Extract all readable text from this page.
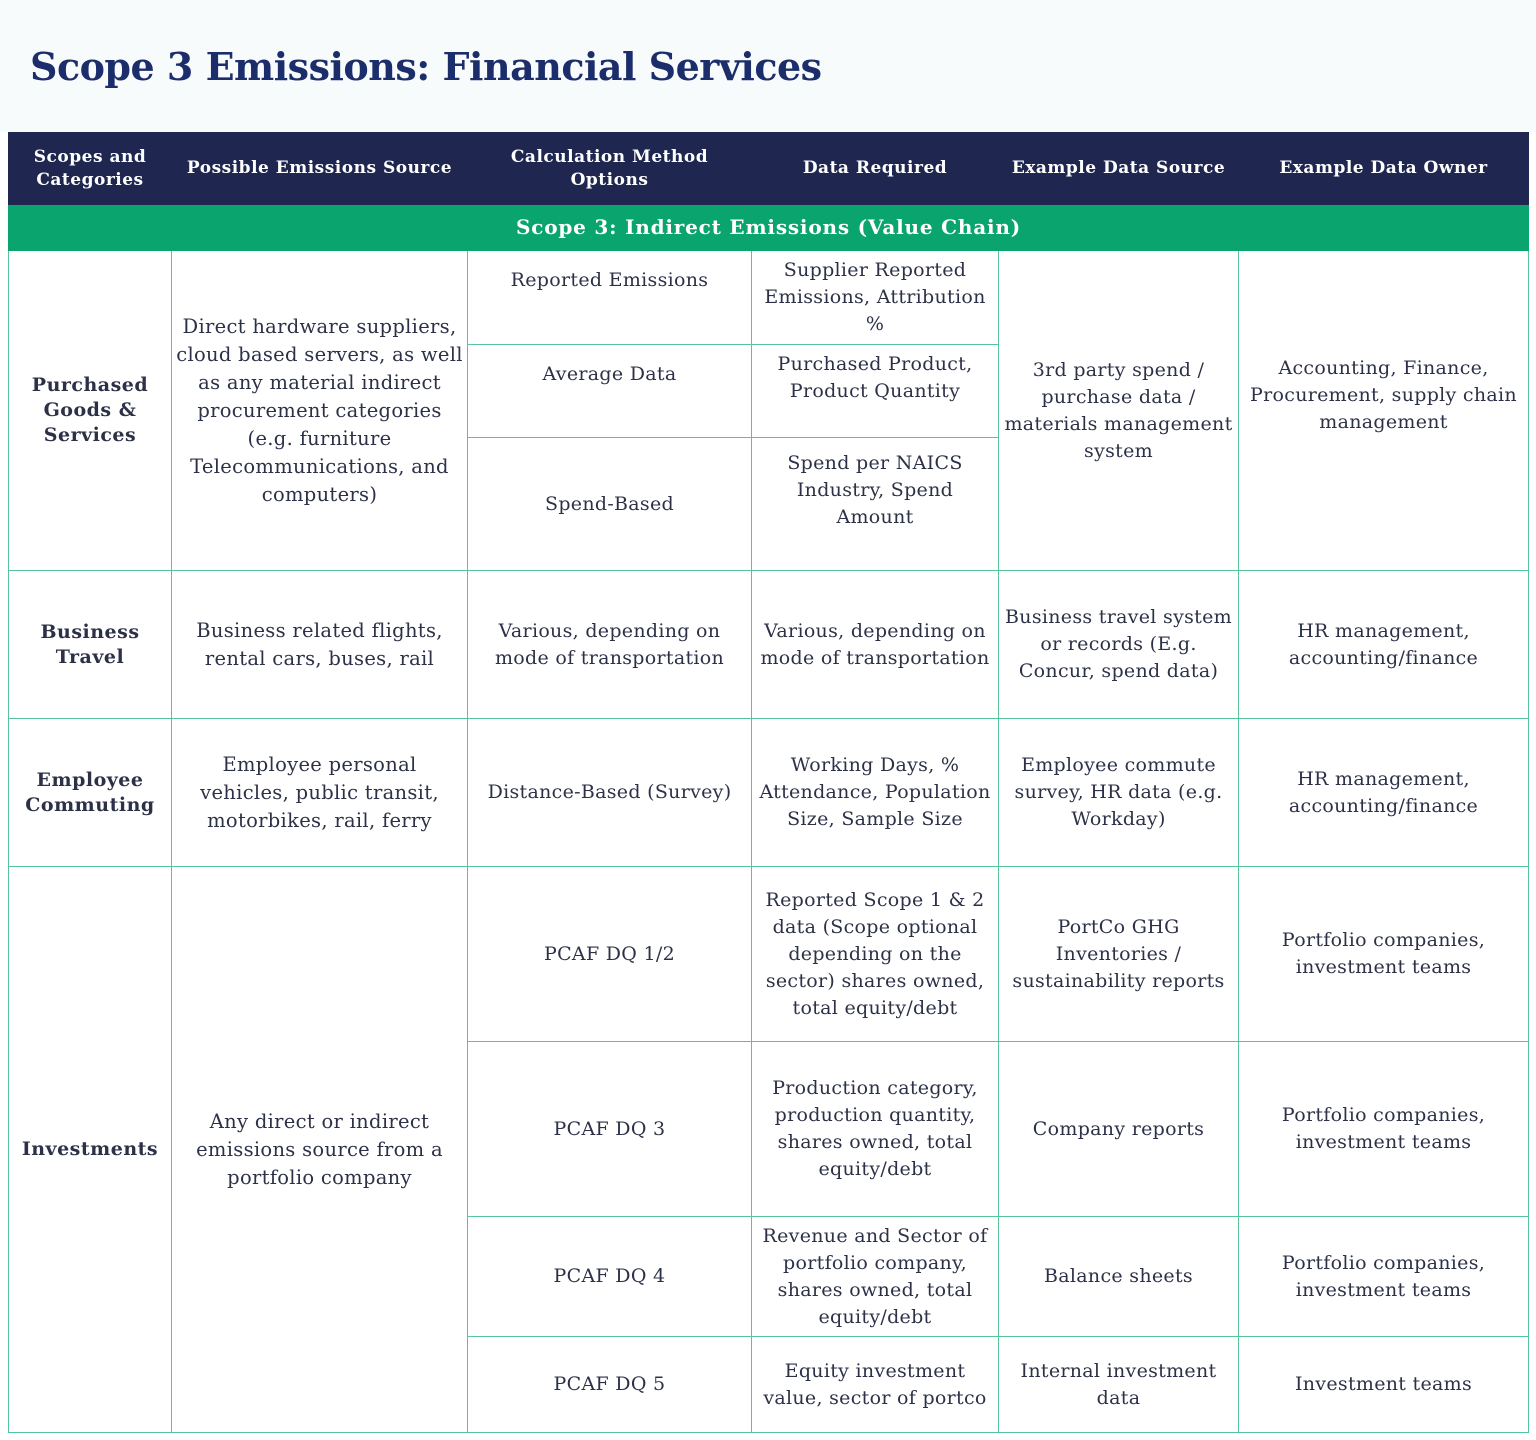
Scope 3 Emissions: Financial Services
Scopes and Categories	Possible Emissions Source	Calculation Method Options	Data Required	Example Data Source	Example Data Owner
Scope 3: Indirect Emissions (Value Chain)					
Purchased Goods & Services	Direct hardware suppliers, cloud based servers, as well as any material indirect procurement categories (e.g. furniture Telecommunications, and computers)	Reported Emissions	Supplier Reported Emissions, Attribution %	3rd party spend / purchase data / materials management system	Accounting, Finance, Procurement, supply chain management
		Average Data	Purchased Product, Product Quantity		
		Spend-Based	Spend per NAICS Industry, Spend Amount		
Business Travel	Business related flights, rental cars, buses, rail	Various, depending on mode of transportation	Various, depending on mode of transportation	Business travel system or records (E.g. Concur, spend data)	HR management, accounting/finance
Employee Commuting	Employee personal vehicles, public transit, motorbikes, rail, ferry	Distance-Based (Survey)	Working Days, % Attendance, Population Size, Sample Size	Employee commute survey, HR data (e.g. Workday)	HR management, accounting/finance
Investments	Any direct or indirect emissions source from a portfolio company	PCAF DQ 1/2	Reported Scope 1 & 2 data (Scope optional depending on the sector) shares owned, total equity/debt	PortCo GHG Inventories / sustainability reports	Portfolio companies, investment teams
		PCAF DQ 3	Production category, production quantity, shares owned, total equity/debt	Company reports	Portfolio companies, investment teams
		PCAF DQ 4	Revenue and Sector of portfolio company, shares owned, total equity/debt	Balance sheets	Portfolio companies, investment teams
		PCAF DQ 5	Equity investment value, sector of portco	Internal investment data	Investment teams
